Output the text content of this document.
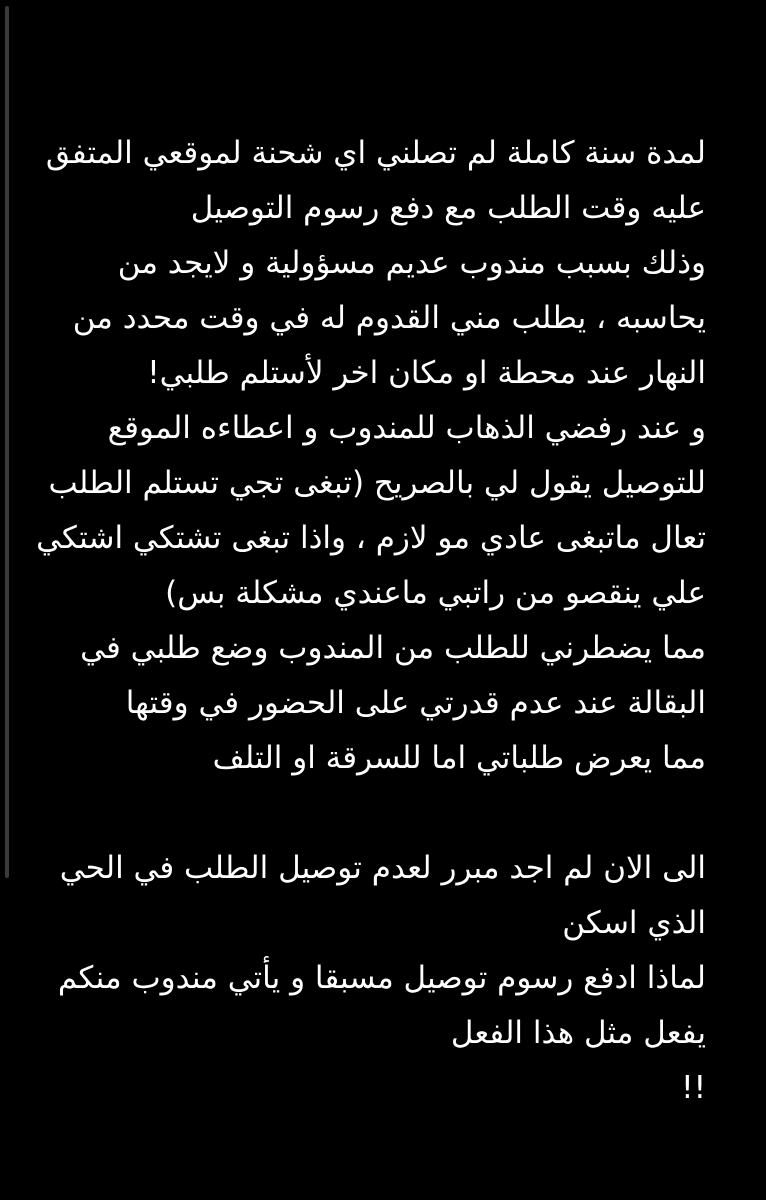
لمدة سنة كاملة لم تصلني اي شحنة لموقعي المتفق
عليه وقت الطلب مع دفع رسوم التوصيل
وذلك بسبب مندوب عديم مسؤولية و لايجد من
يحاسبه ، يطلب مني القدوم له في وقت محدد من
النهار عند محطة او مكان اخر لأستلم طلبي!
و عند رفضي الذهاب للمندوب و اعطاءه الموقع
للتوصيل يقول لي بالصريح (تبغى تجي تستلم الطلب
تعال ماتبغى عادي مو لازم ، واذا تبغى تشتكي اشتكي
علي ينقصو من راتبي ماعندي مشكلة بس)
مما يضطرني للطلب من المندوب وضع طلبي في
البقالة عند عدم قدرتي على الحضور في وقتها
مما يعرض طلباتي اما للسرقة او التلف
الى الان لم اجد مبرر لعدم توصيل الطلب في الحي
الذي اسكن
لماذا ادفع رسوم توصيل مسبقا و يأتي مندوب منكم
يفعل مثل هذا الفعل
!!
